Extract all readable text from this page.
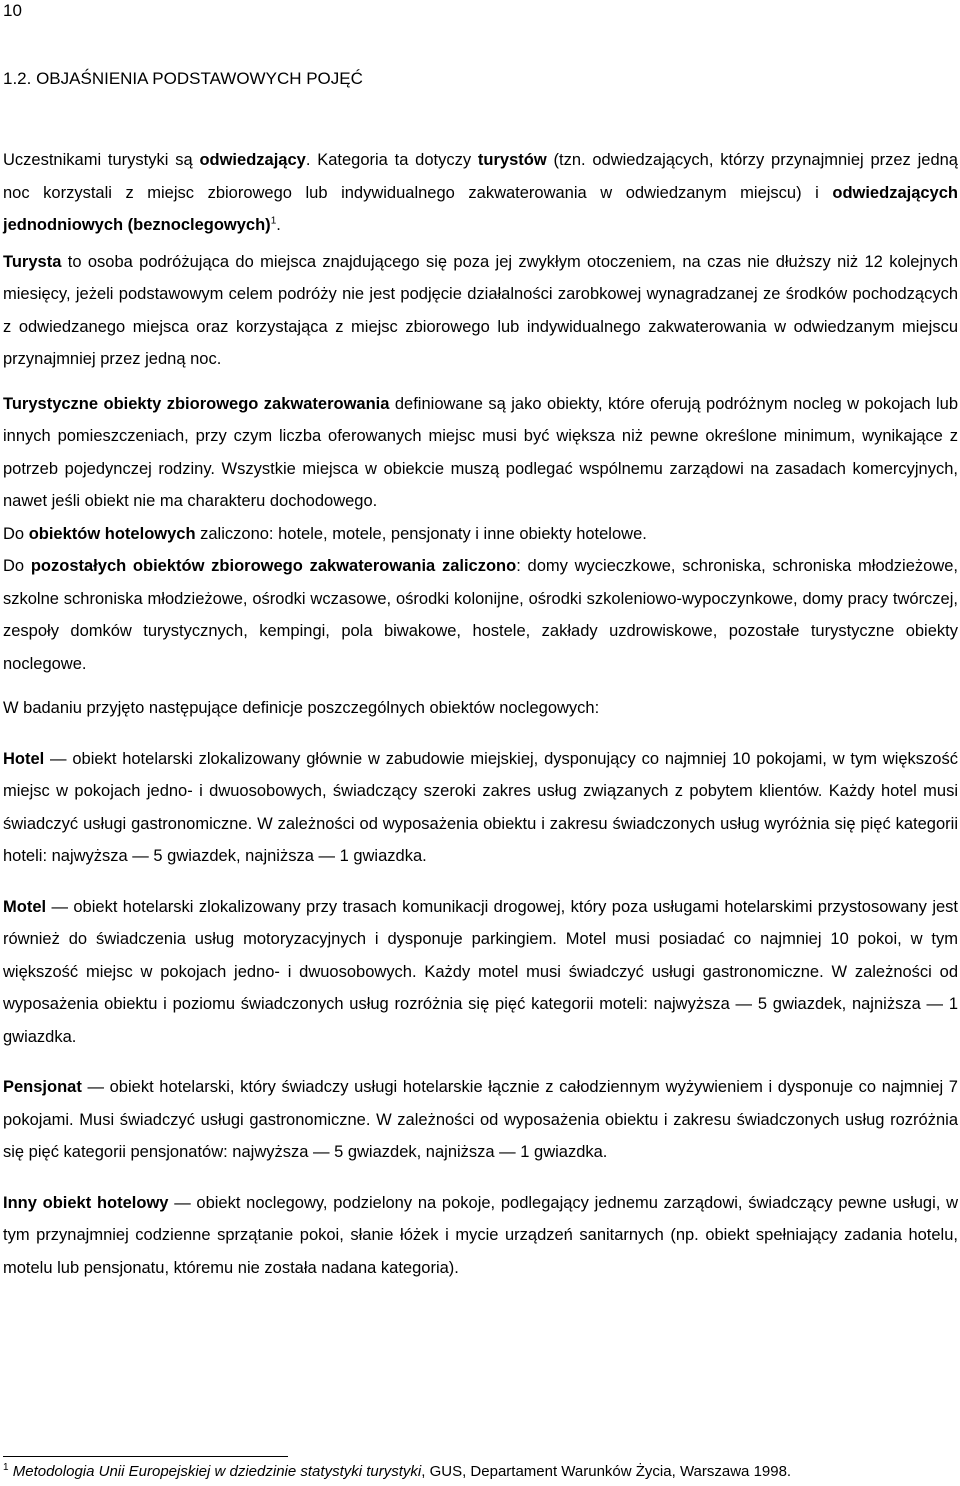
10
1.2. OBJAŚNIENIA PODSTAWOWYCH POJĘĆ

Uczestnikami turystyki są odwiedzający. Kategoria ta dotyczy turystów (tzn. odwiedzających, którzy przynajmniej przez jedną noc korzystali z miejsc zbiorowego lub indywidualnego zakwaterowania w odwiedzanym miejscu) i odwiedzających jednodniowych (beznoclegowych)$^1$.

Turysta to osoba podróżująca do miejsca znajdującego się poza jej zwykłym otoczeniem, na czas nie dłuższy niż 12 kolejnych miesięcy, jeżeli podstawowym celem podróży nie jest podjęcie działalności zarobkowej wynagradzanej ze środków pochodzących z odwiedzanego miejsca oraz korzystająca z miejsc zbiorowego lub indywidualnego zakwaterowania w odwiedzanym miejscu przynajmniej przez jedną noc.

Turystyczne obiekty zbiorowego zakwaterowania definiowane są jako obiekty, które oferują podróżnym nocleg w pokojach lub innych pomieszczeniach, przy czym liczba oferowanych miejsc musi być większa niż pewne określone minimum, wynikające z potrzeb pojedynczej rodziny. Wszystkie miejsca w obiekcie muszą podlegać wspólnemu zarządowi na zasadach komercyjnych, nawet jeśli obiekt nie ma charakteru dochodowego.

Do obiektów hotelowych zaliczono: hotele, motele, pensjonaty i inne obiekty hotelowe.

Do pozostałych obiektów zbiorowego zakwaterowania zaliczono: domy wycieczkowe, schroniska, schroniska młodzieżowe, szkolne schroniska młodzieżowe, ośrodki wczasowe, ośrodki kolonijne, ośrodki szkoleniowo-wypoczynkowe, domy pracy twórczej, zespoły domków turystycznych, kempingi, pola biwakowe, hostele, zakłady uzdrowiskowe, pozostałe turystyczne obiekty noclegowe.

W badaniu przyjęto następujące definicje poszczególnych obiektów noclegowych:

Hotel — obiekt hotelarski zlokalizowany głównie w zabudowie miejskiej, dysponujący co najmniej 10 pokojami, w tym większość miejsc w pokojach jedno- i dwuosobowych, świadczący szeroki zakres usług związanych z pobytem klientów. Każdy hotel musi świadczyć usługi gastronomiczne. W zależności od wyposażenia obiektu i zakresu świadczonych usług wyróżnia się pięć kategorii hoteli: najwyższa — 5 gwiazdek, najniższa — 1 gwiazdka.

Motel — obiekt hotelarski zlokalizowany przy trasach komunikacji drogowej, który poza usługami hotelarskimi przystosowany jest również do świadczenia usług motoryzacyjnych i dysponuje parkingiem. Motel musi posiadać co najmniej 10 pokoi, w tym większość miejsc w pokojach jedno- i dwuosobowych. Każdy motel musi świadczyć usługi gastronomiczne. W zależności od wyposażenia obiektu i poziomu świadczonych usług rozróżnia się pięć kategorii moteli: najwyższa — 5 gwiazdek, najniższa — 1 gwiazdka.

Pensjonat — obiekt hotelarski, który świadczy usługi hotelarskie łącznie z całodziennym wyżywieniem i dysponuje co najmniej 7 pokojami. Musi świadczyć usługi gastronomiczne. W zależności od wyposażenia obiektu i zakresu świadczonych usług rozróżnia się pięć kategorii pensjonatów: najwyższa — 5 gwiazdek, najniższa — 1 gwiazdka.

Inny obiekt hotelowy — obiekt noclegowy, podzielony na pokoje, podlegający jednemu zarządowi, świadczący pewne usługi, w tym przynajmniej codzienne sprzątanie pokoi, słanie łóżek i mycie urządzeń sanitarnych (np. obiekt spełniający zadania hotelu, motelu lub pensjonatu, któremu nie została nadana kategoria).

$^1$ Metodologia Unii Europejskiej w dziedzinie statystyki turystyki, GUS, Departament Warunków Życia, Warszawa 1998.
